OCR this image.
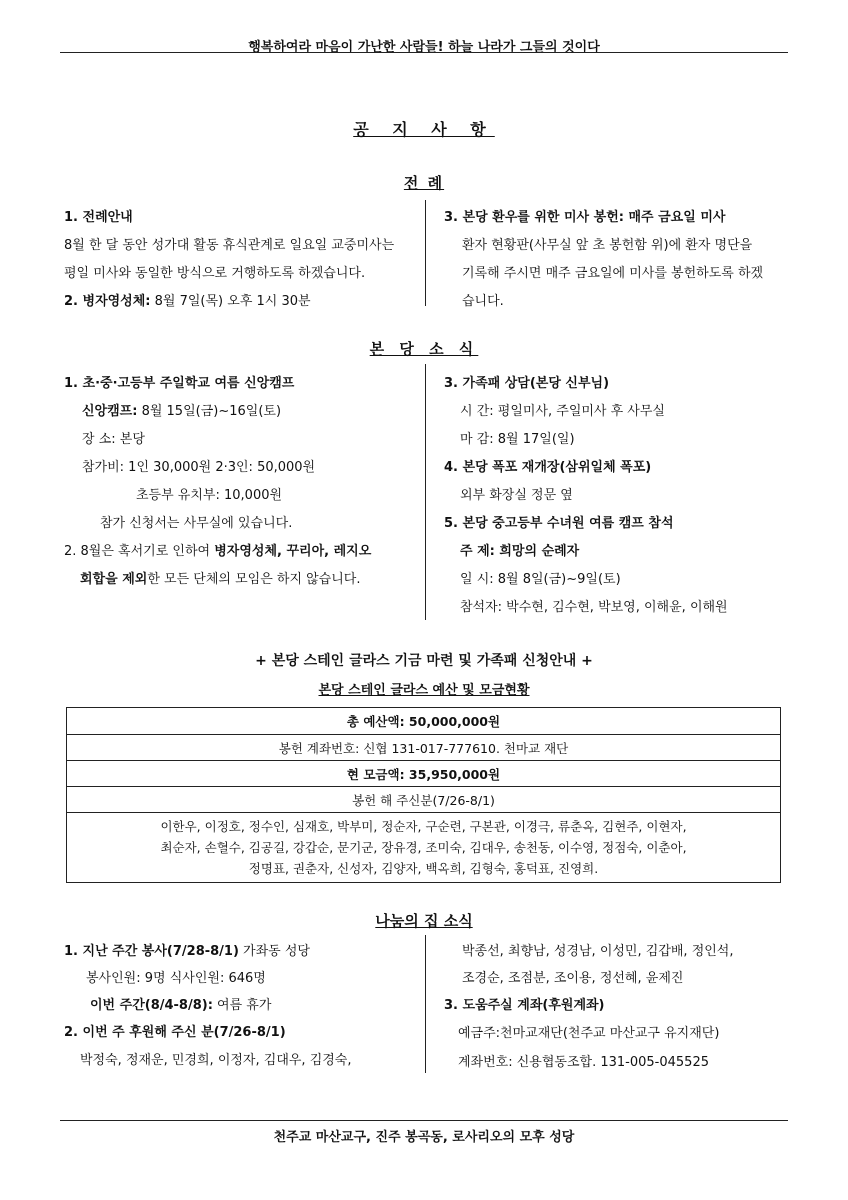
행복하여라 마음이 가난한 사람들! 하늘 나라가 그들의 것이다
공 지 사 항
전 례
1. 전례안내
8월 한 달 동안 성가대 활동 휴식관계로 일요일 교중미사는
평일 미사와 동일한 방식으로 거행하도록 하겠습니다.
2. 병자영성체: 8월 7일(목) 오후 1시 30분
3. 본당 환우를 위한 미사 봉헌: 매주 금요일 미사
환자 현황판(사무실 앞 초 봉헌함 위)에 환자 명단을
기록해 주시면 매주 금요일에 미사를 봉헌하도록 하겠
습니다.
본 당 소 식
1. 초·중·고등부 주일학교 여름 신앙캠프
신앙캠프: 8월 15일(금)~16일(토)
장 소: 본당
참가비: 1인 30,000원 2·3인: 50,000원
초등부 유치부: 10,000원
참가 신청서는 사무실에 있습니다.
2. 8월은 혹서기로 인하여 병자영성체, 꾸리아, 레지오
회합을 제외한 모든 단체의 모임은 하지 않습니다.
3. 가족패 상담(본당 신부님)
시 간: 평일미사, 주일미사 후 사무실
마 감: 8월 17일(일)
4. 본당 폭포 재개장(삼위일체 폭포)
외부 화장실 정문 옆
5. 본당 중고등부 수녀원 여름 캠프 참석
주 제: 희망의 순례자
일 시: 8월 8일(금)~9일(토)
참석자: 박수현, 김수현, 박보영, 이해윤, 이해원
+ 본당 스테인 글라스 기금 마련 및 가족패 신청안내 +
본당 스테인 글라스 예산 및 모금현황
총 예산액: 50,000,000원
봉헌 계좌번호: 신협 131-017-777610. 천마교 재단
현 모금액: 35,950,000원
봉헌 해 주신분(7/26-8/1)

이한우, 이정호, 정수인, 심재호, 박부미, 정순자, 구순련, 구본관, 이경극, 류춘옥, 김현주, 이현자,
최순자, 손혈수, 김공길, 강갑순, 문기군, 장유경, 조미숙, 김대우, 송천동, 이수영, 정점숙, 이춘아,
정명표, 권춘자, 신성자, 김양자, 백옥희, 김형숙, 홍덕표, 진영희.
나눔의 집 소식
1. 지난 주간 봉사(7/28-8/1) 가좌동 성당
봉사인원: 9명 식사인원: 646명
이번 주간(8/4-8/8): 여름 휴가
2. 이번 주 후원해 주신 분(7/26-8/1)
박정숙, 정재운, 민경희, 이정자, 김대우, 김경숙,
박종선, 최향남, 성경남, 이성민, 김갑배, 정인석,
조경순, 조점분, 조이용, 정선혜, 윤제진
3. 도움주실 계좌(후원계좌)
예금주:천마교재단(천주교 마산교구 유지재단)
계좌번호: 신용협동조합. 131-005-045525
천주교 마산교구, 진주 봉곡동, 로사리오의 모후 성당
